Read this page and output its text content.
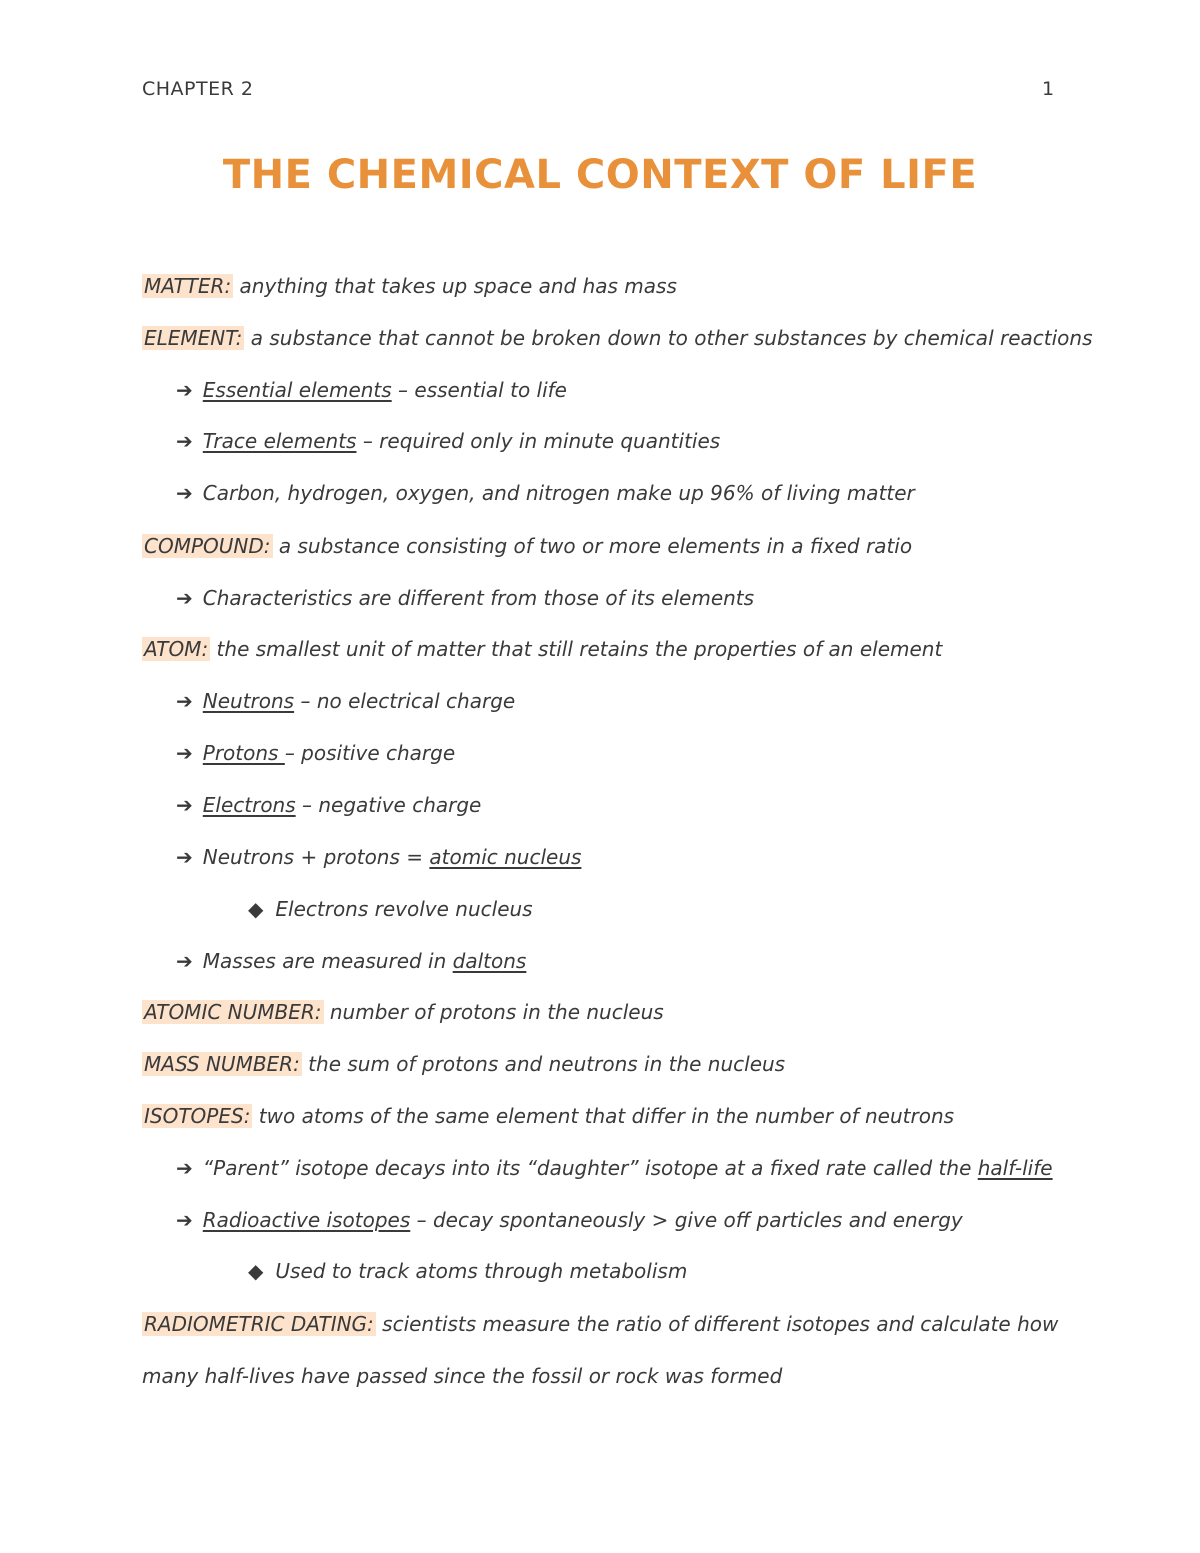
CHAPTER 2	1
THE CHEMICAL CONTEXT OF LIFE
MATTER: anything that takes up space and has mass
ELEMENT: a substance that cannot be broken down to other substances by chemical reactions
➔ Essential elements – essential to life
➔ Trace elements – required only in minute quantities
➔ Carbon, hydrogen, oxygen, and nitrogen make up 96% of living matter
COMPOUND: a substance consisting of two or more elements in a fixed ratio
➔ Characteristics are different from those of its elements
ATOM: the smallest unit of matter that still retains the properties of an element
➔ Neutrons – no electrical charge
➔ Protons – positive charge
➔ Electrons – negative charge
➔ Neutrons + protons = atomic nucleus
◆ Electrons revolve nucleus
➔ Masses are measured in daltons
ATOMIC NUMBER: number of protons in the nucleus
MASS NUMBER: the sum of protons and neutrons in the nucleus
ISOTOPES: two atoms of the same element that differ in the number of neutrons
➔ “Parent” isotope decays into its “daughter” isotope at a fixed rate called the half-life
➔ Radioactive isotopes – decay spontaneously > give off particles and energy
◆ Used to track atoms through metabolism
RADIOMETRIC DATING: scientists measure the ratio of different isotopes and calculate how
many half-lives have passed since the fossil or rock was formed
